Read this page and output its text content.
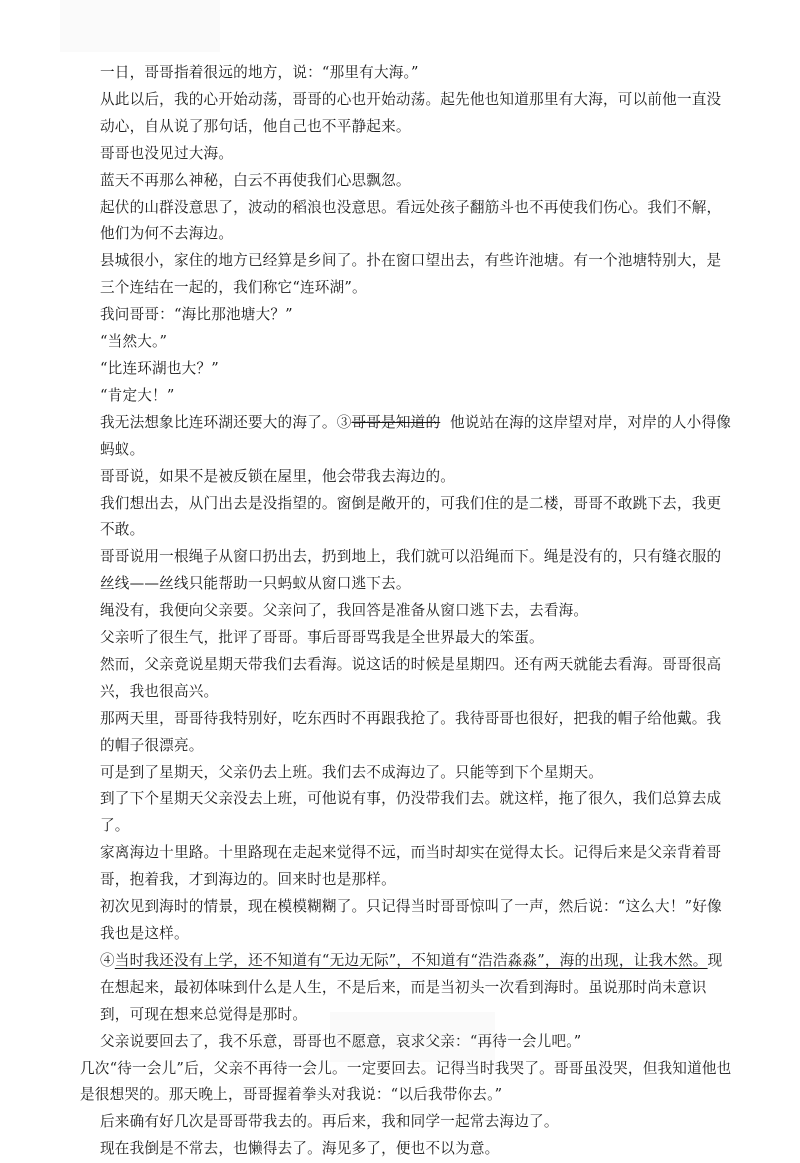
一日，哥哥指着很远的地方，说：“那里有大海。”

从此以后，我的心开始动荡，哥哥的心也开始动荡。起先他也知道那里有大海，可以前他一直没动心，自从说了那句话，他自己也不平静起来。

哥哥也没见过大海。

蓝天不再那么神秘，白云不再使我们心思飘忽。

起伏的山群没意思了，波动的稻浪也没意思。看远处孩子翻筋斗也不再使我们伤心。我们不解，他们为何不去海边。

县城很小，家住的地方已经算是乡间了。扑在窗口望出去，有些许池塘。有一个池塘特别大，是三个连结在一起的，我们称它“连环湖”。

我问哥哥：“海比那池塘大？”

“当然大。”

“比连环湖也大？”

“肯定大！”

我无法想象比连环湖还要大的海了。③哥哥是知道的 他说站在海的这岸望对岸，对岸的人小得像蚂蚁。

哥哥说，如果不是被反锁在屋里，他会带我去海边的。

我们想出去，从门出去是没指望的。窗倒是敞开的，可我们住的是二楼，哥哥不敢跳下去，我更不敢。

哥哥说用一根绳子从窗口扔出去，扔到地上，我们就可以沿绳而下。绳是没有的，只有缝衣服的丝线——丝线只能帮助一只蚂蚁从窗口逃下去。

绳没有，我便向父亲要。父亲问了，我回答是准备从窗口逃下去，去看海。

父亲听了很生气，批评了哥哥。事后哥哥骂我是全世界最大的笨蛋。

然而，父亲竟说星期天带我们去看海。说这话的时候是星期四。还有两天就能去看海。哥哥很高兴，我也很高兴。

那两天里，哥哥待我特别好，吃东西时不再跟我抢了。我待哥哥也很好，把我的帽子给他戴。我的帽子很漂亮。

可是到了星期天，父亲仍去上班。我们去不成海边了。只能等到下个星期天。

到了下个星期天父亲没去上班，可他说有事，仍没带我们去。就这样，拖了很久，我们总算去成了。

家离海边十里路。十里路现在走起来觉得不远，而当时却实在觉得太长。记得后来是父亲背着哥哥，抱着我，才到海边的。回来时也是那样。

初次见到海时的情景，现在模模糊糊了。只记得当时哥哥惊叫了一声，然后说：“这么大！”好像我也是这样。

④当时我还没有上学，还不知道有“无边无际”，不知道有“浩浩淼淼”，海的出现，让我木然。现在想起来，最初体味到什么是人生，不是后来，而是当初头一次看到海时。虽说那时尚未意识到，可现在想来总觉得是那时。

父亲说要回去了，我不乐意，哥哥也不愿意，哀求父亲：“再待一会儿吧。”

几次“待一会儿”后，父亲不再待一会儿。一定要回去。记得当时我哭了。哥哥虽没哭，但我知道他也是很想哭的。那天晚上，哥哥握着拳头对我说：“以后我带你去。”

后来确有好几次是哥哥带我去的。再后来，我和同学一起常去海边了。

现在我倒是不常去，也懒得去了。海见多了，便也不以为意。
